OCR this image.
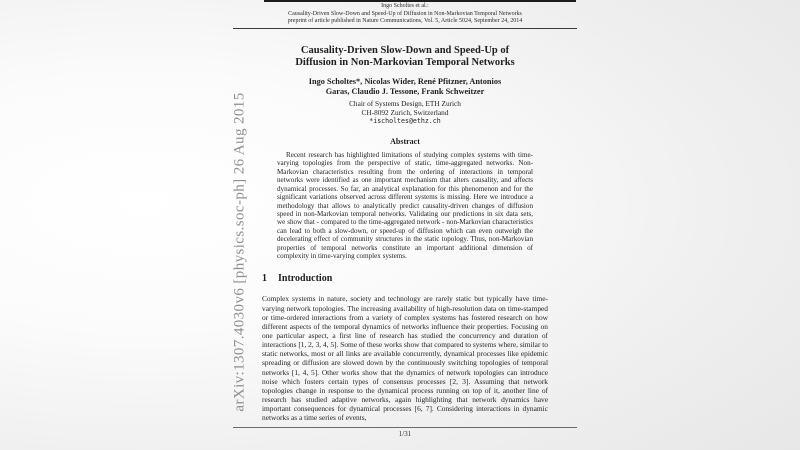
arXiv:1307.4030v6 [physics.soc-ph] 26 Aug 2015
Ingo Scholtes et al.:
Causality-Driven Slow-Down and Speed-Up of Diffusion in Non-Markovian Temporal Networks
preprint of article published in Nature Communications, Vol. 5, Article 5024, September 24, 2014
Causality-Driven Slow-Down and Speed-Up of Diffusion in Non-Markovian Temporal Networks
Ingo Scholtes*, Nicolas Wider, René Pfitzner, Antonios Garas, Claudio J. Tessone, Frank Schweitzer
Chair of Systems Design, ETH Zurich
CH-8092 Zurich, Switzerland
*ischoltes@ethz.ch
Abstract

Recent research has highlighted limitations of studying complex systems with time-varying topologies from the perspective of static, time-aggregated networks. Non-Markovian characteristics resulting from the ordering of interactions in temporal networks were identified as one important mechanism that alters causality, and affects dynamical processes. So far, an analytical explanation for this phenomenon and for the significant variations observed across different systems is missing. Here we introduce a methodology that allows to analytically predict causality-driven changes of diffusion speed in non-Markovian temporal networks. Validating our predictions in six data sets, we show that - compared to the time-aggregated network - non-Markovian characteristics can lead to both a slow-down, or speed-up of diffusion which can even outweigh the decelerating effect of community structures in the static topology. Thus, non-Markovian properties of temporal networks constitute an important additional dimension of complexity in time-varying complex systems.

1 Introduction

Complex systems in nature, society and technology are rarely static but typically have time-varying network topologies. The increasing availability of high-resolution data on time-stamped or time-ordered interactions from a variety of complex systems has fostered research on how different aspects of the temporal dynamics of networks influence their properties. Focusing on one particular aspect, a first line of research has studied the concurrency and duration of interactions [1, 2, 3, 4, 5]. Some of these works show that compared to systems where, similar to static networks, most or all links are available concurrently, dynamical processes like epidemic spreading or diffusion are slowed down by the continuously switching topologies of temporal networks [1, 4, 5]. Other works show that the dynamics of network topologies can introduce noise which fosters certain types of consensus processes [2, 3]. Assuming that network topologies change in response to the dynamical process running on top of it, another line of research has studied adaptive networks, again highlighting that network dynamics have important consequences for dynamical processes [6, 7]. Considering interactions in dynamic networks as a time series of events,

1/31
